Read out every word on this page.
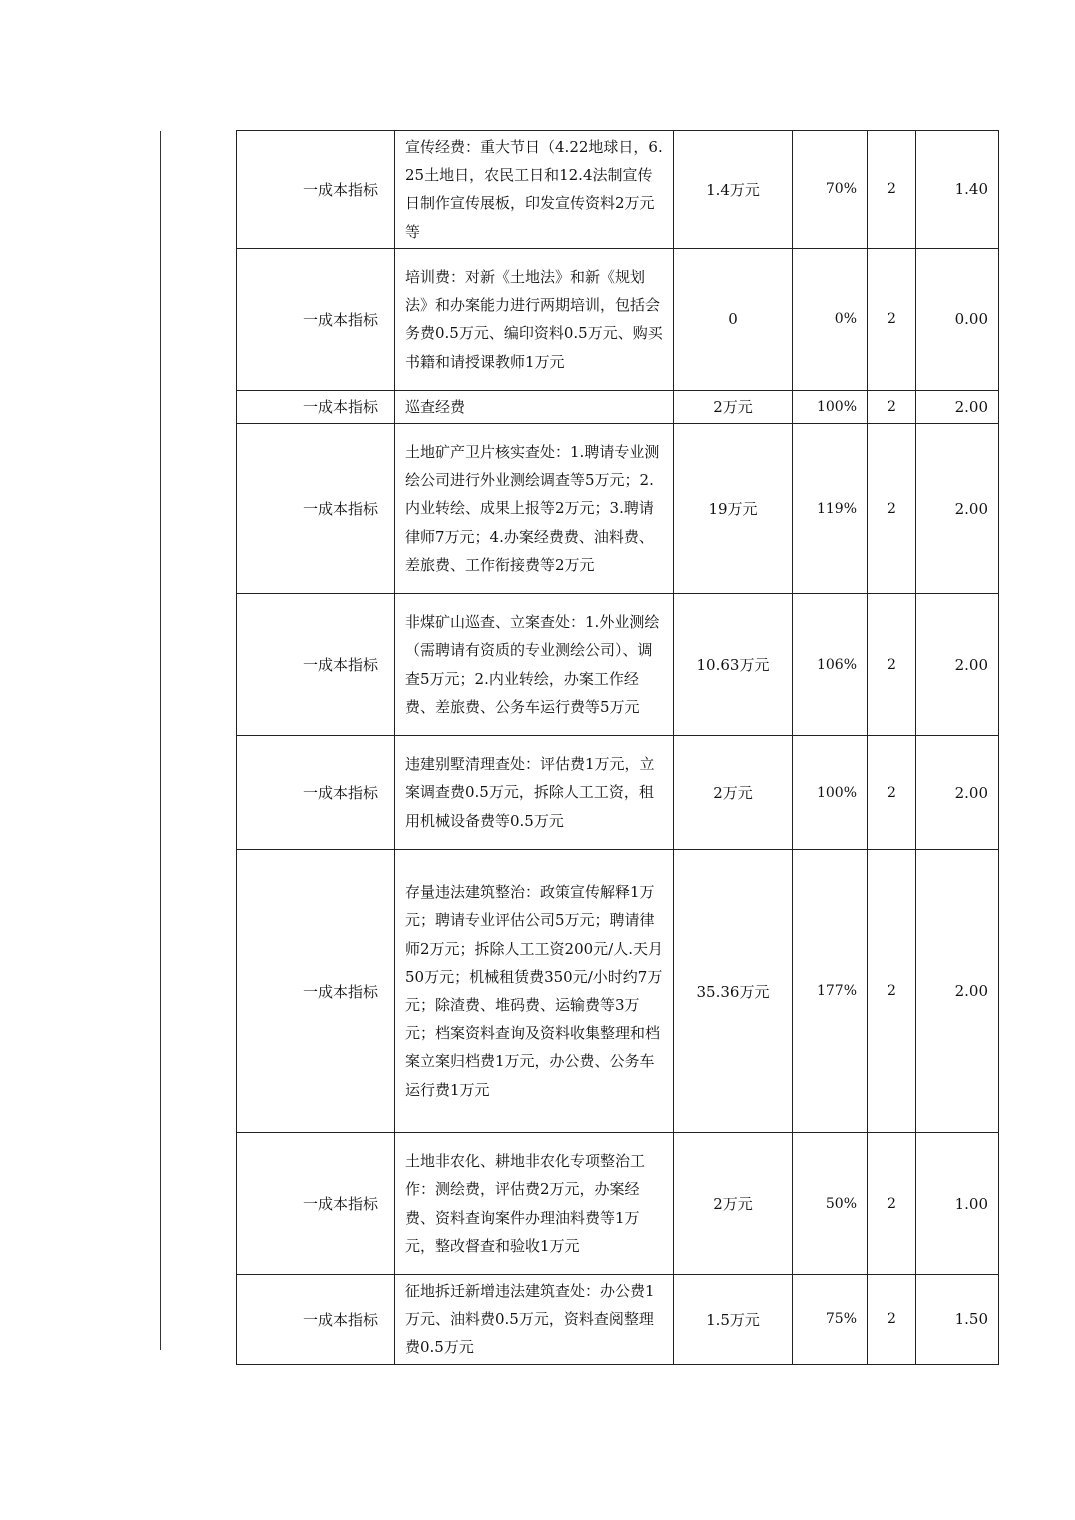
一成本指标	宣传经费：重大节日（4.22地球日，6.25土地日，农民工日和12.4法制宣传日制作宣传展板，印发宣传资料2万元等	1.4万元	70%	2	1.40
一成本指标	培训费：对新《土地法》和新《规划法》和办案能力进行两期培训，包括会务费0.5万元、编印资料0.5万元、购买书籍和请授课教师1万元	0	0%	2	0.00
一成本指标	巡查经费	2万元	100%	2	2.00
一成本指标	土地矿产卫片核实查处：1.聘请专业测绘公司进行外业测绘调查等5万元；2.内业转绘、成果上报等2万元；3.聘请律师7万元；4.办案经费费、油料费、差旅费、工作衔接费等2万元	19万元	119%	2	2.00
一成本指标	非煤矿山巡查、立案查处：1.外业测绘（需聘请有资质的专业测绘公司）、调查5万元；2.内业转绘，办案工作经费、差旅费、公务车运行费等5万元	10.63万元	106%	2	2.00
一成本指标	违建别墅清理查处：评估费1万元，立案调查费0.5万元，拆除人工工资，租用机械设备费等0.5万元	2万元	100%	2	2.00
一成本指标	存量违法建筑整治：政策宣传解释1万元；聘请专业评估公司5万元；聘请律师2万元；拆除人工工资200元/人.天月50万元；机械租赁费350元/小时约7万元；除渣费、堆码费、运输费等3万元；档案资料查询及资料收集整理和档案立案归档费1万元，办公费、公务车运行费1万元	35.36万元	177%	2	2.00
一成本指标	土地非农化、耕地非农化专项整治工作：测绘费，评估费2万元，办案经费、资料查询案件办理油料费等1万元，整改督查和验收1万元	2万元	50%	2	1.00
一成本指标	征地拆迁新增违法建筑查处：办公费1万元、油料费0.5万元，资料查阅整理费0.5万元	1.5万元	75%	2	1.50
